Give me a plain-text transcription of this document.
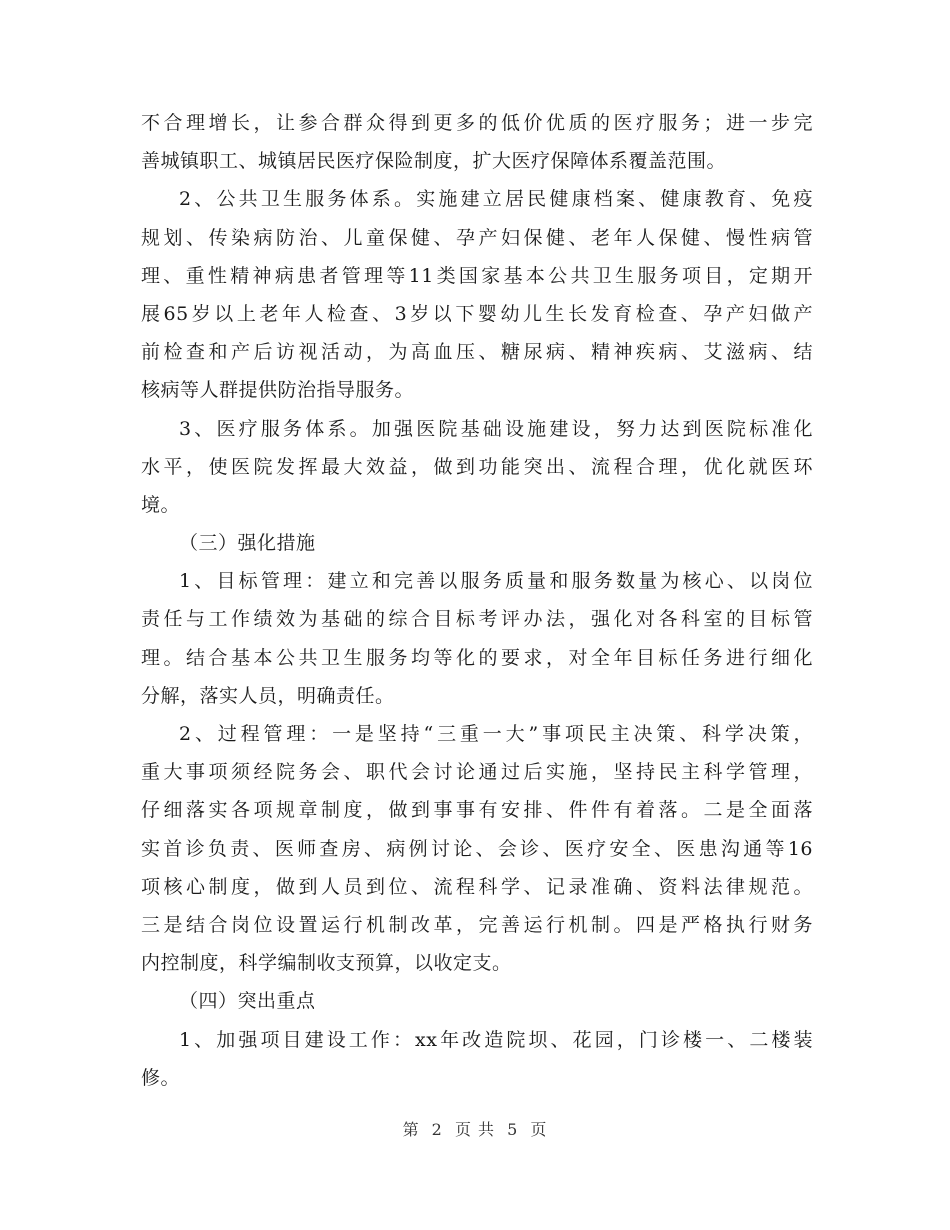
不合理增长，让参合群众得到更多的低价优质的医疗服务；进一步完
善城镇职工、城镇居民医疗保险制度，扩大医疗保障体系覆盖范围。
2、公共卫生服务体系。实施建立居民健康档案、健康教育、免疫
规划、传染病防治、儿童保健、孕产妇保健、老年人保健、慢性病管
理、重性精神病患者管理等11类国家基本公共卫生服务项目，定期开
展65岁以上老年人检查、3岁以下婴幼儿生长发育检查、孕产妇做产
前检查和产后访视活动，为高血压、糖尿病、精神疾病、艾滋病、结
核病等人群提供防治指导服务。
3、医疗服务体系。加强医院基础设施建设，努力达到医院标准化
水平，使医院发挥最大效益，做到功能突出、流程合理，优化就医环
境。
（三）强化措施
1、目标管理：建立和完善以服务质量和服务数量为核心、以岗位
责任与工作绩效为基础的综合目标考评办法，强化对各科室的目标管
理。结合基本公共卫生服务均等化的要求，对全年目标任务进行细化
分解，落实人员，明确责任。
2、过程管理：一是坚持“三重一大”事项民主决策、科学决策，
重大事项须经院务会、职代会讨论通过后实施，坚持民主科学管理，
仔细落实各项规章制度，做到事事有安排、件件有着落。二是全面落
实首诊负责、医师查房、病例讨论、会诊、医疗安全、医患沟通等16
项核心制度，做到人员到位、流程科学、记录准确、资料法律规范。
三是结合岗位设置运行机制改革，完善运行机制。四是严格执行财务
内控制度，科学编制收支预算，以收定支。
（四）突出重点
1、加强项目建设工作：xx年改造院坝、花园，门诊楼一、二楼装
修。
第 2 页 共 5 页
